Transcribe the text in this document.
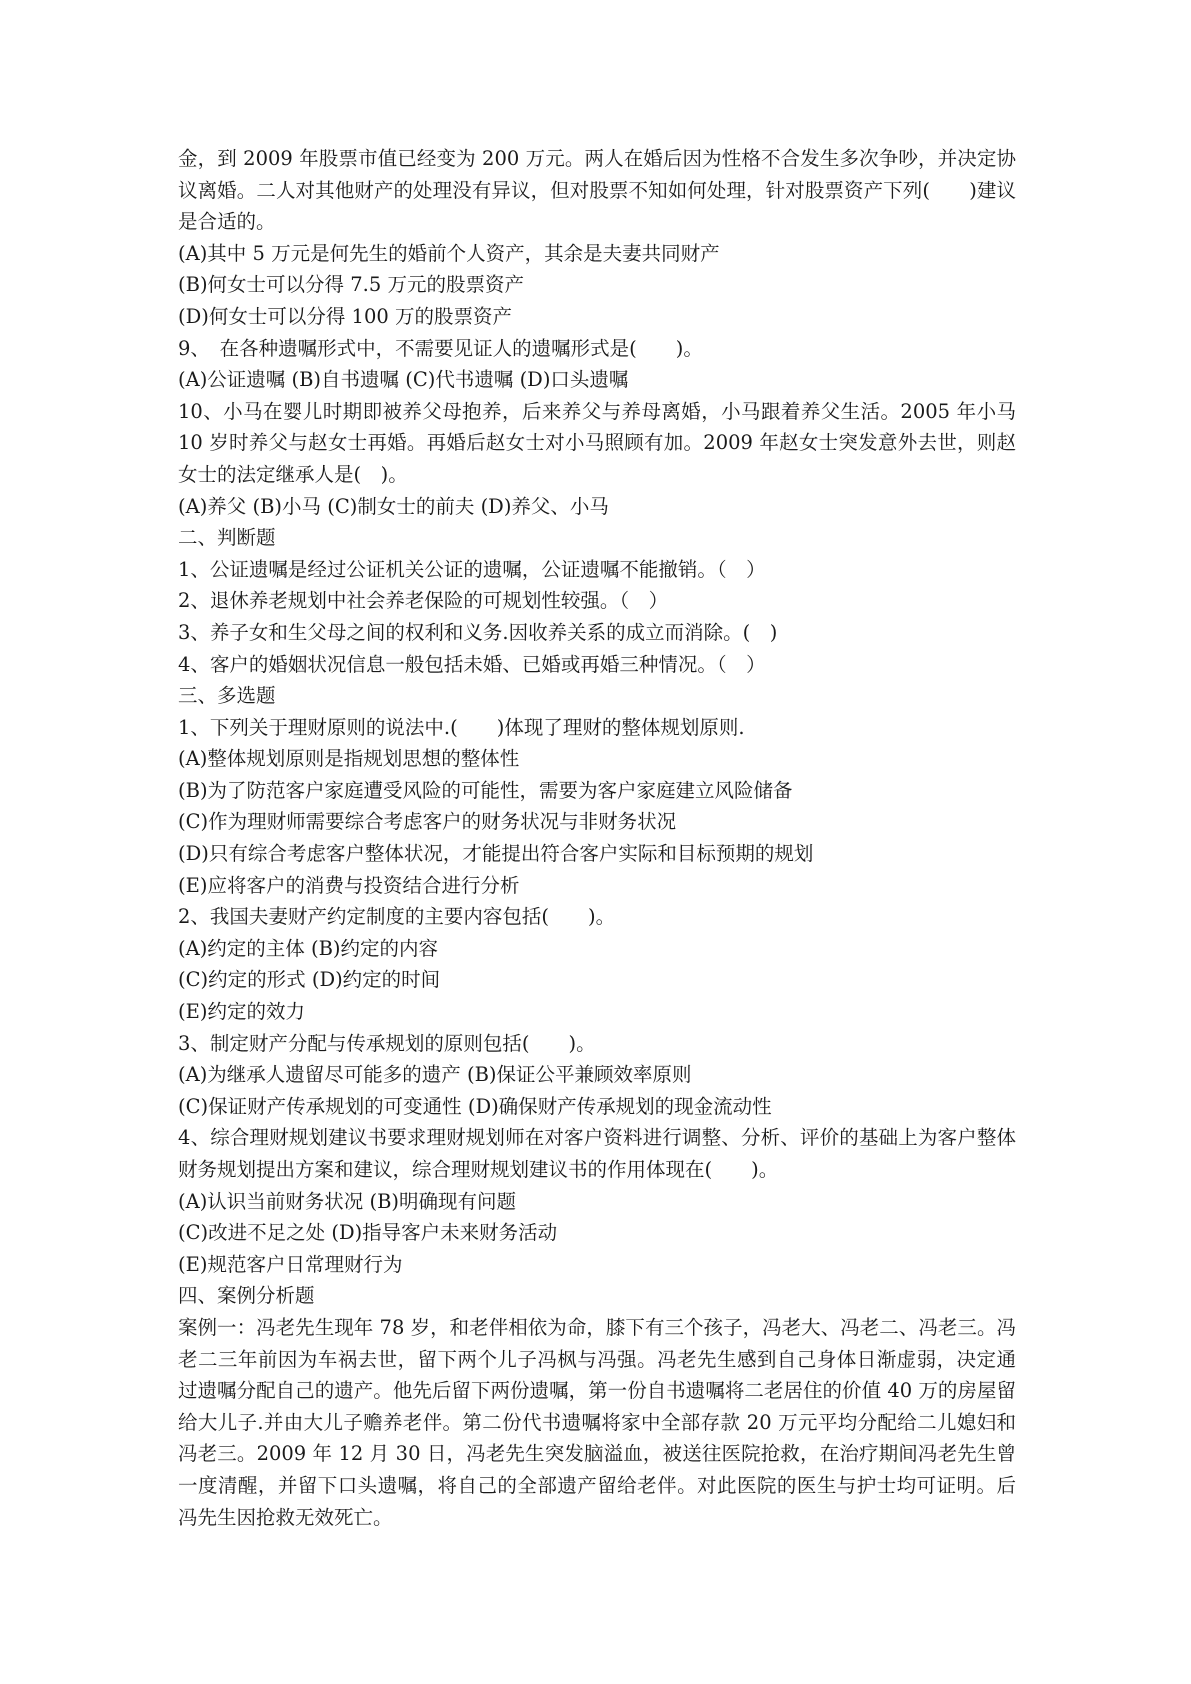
金，到 2009 年股票市值已经变为 200 万元。两人在婚后因为性格不合发生多次争吵，并决定协议离婚。二人对其他财产的处理没有异议，但对股票不知如何处理，针对股票资产下列(　　)建议是合适的。

(A)其中 5 万元是何先生的婚前个人资产，其余是夫妻共同财产

(B)何女士可以分得 7.5 万元的股票资产

(D)何女士可以分得 100 万的股票资产

9、　在各种遗嘱形式中，不需要见证人的遗嘱形式是(　　)。

(A)公证遗嘱 (B)自书遗嘱 (C)代书遗嘱 (D)口头遗嘱

10、小马在婴儿时期即被养父母抱养，后来养父与养母离婚，小马跟着养父生活。2005 年小马 10 岁时养父与赵女士再婚。再婚后赵女士对小马照顾有加。2009 年赵女士突发意外去世，则赵女士的法定继承人是(　)。

(A)养父 (B)小马 (C)制女士的前夫 (D)养父、小马

二、判断题

1、公证遗嘱是经过公证机关公证的遗嘱，公证遗嘱不能撤销。（　）

2、退休养老规划中社会养老保险的可规划性较强。（　）

3、养子女和生父母之间的权利和义务.因收养关系的成立而消除。(　)

4、客户的婚姻状况信息一般包括未婚、已婚或再婚三种情况。（　）

三、多选题

1、下列关于理财原则的说法中.(　　)体现了理财的整体规划原则.

(A)整体规划原则是指规划思想的整体性

(B)为了防范客户家庭遭受风险的可能性，需要为客户家庭建立风险储备

(C)作为理财师需要综合考虑客户的财务状况与非财务状况

(D)只有综合考虑客户整体状况，才能提出符合客户实际和目标预期的规划

(E)应将客户的消费与投资结合进行分析

2、我国夫妻财产约定制度的主要内容包括(　　)。

(A)约定的主体 (B)约定的内容

(C)约定的形式 (D)约定的时间

(E)约定的效力

3、制定财产分配与传承规划的原则包括(　　)。

(A)为继承人遗留尽可能多的遗产 (B)保证公平兼顾效率原则

(C)保证财产传承规划的可变通性 (D)确保财产传承规划的现金流动性

4、综合理财规划建议书要求理财规划师在对客户资料进行调整、分析、评价的基础上为客户整体财务规划提出方案和建议，综合理财规划建议书的作用体现在(　　)。

(A)认识当前财务状况 (B)明确现有问题

(C)改进不足之处 (D)指导客户未来财务活动

(E)规范客户日常理财行为

四、案例分析题

案例一：冯老先生现年 78 岁，和老伴相依为命，膝下有三个孩子，冯老大、冯老二、冯老三。冯老二三年前因为车祸去世，留下两个儿子冯枫与冯强。冯老先生感到自己身体日渐虚弱，决定通过遗嘱分配自己的遗产。他先后留下两份遗嘱，第一份自书遗嘱将二老居住的价值 40 万的房屋留给大儿子.并由大儿子赡养老伴。第二份代书遗嘱将家中全部存款 20 万元平均分配给二儿媳妇和冯老三。2009 年 12 月 30 日，冯老先生突发脑溢血，被送往医院抢救，在治疗期间冯老先生曾一度清醒，并留下口头遗嘱，将自己的全部遗产留给老伴。对此医院的医生与护士均可证明。后冯先生因抢救无效死亡。
